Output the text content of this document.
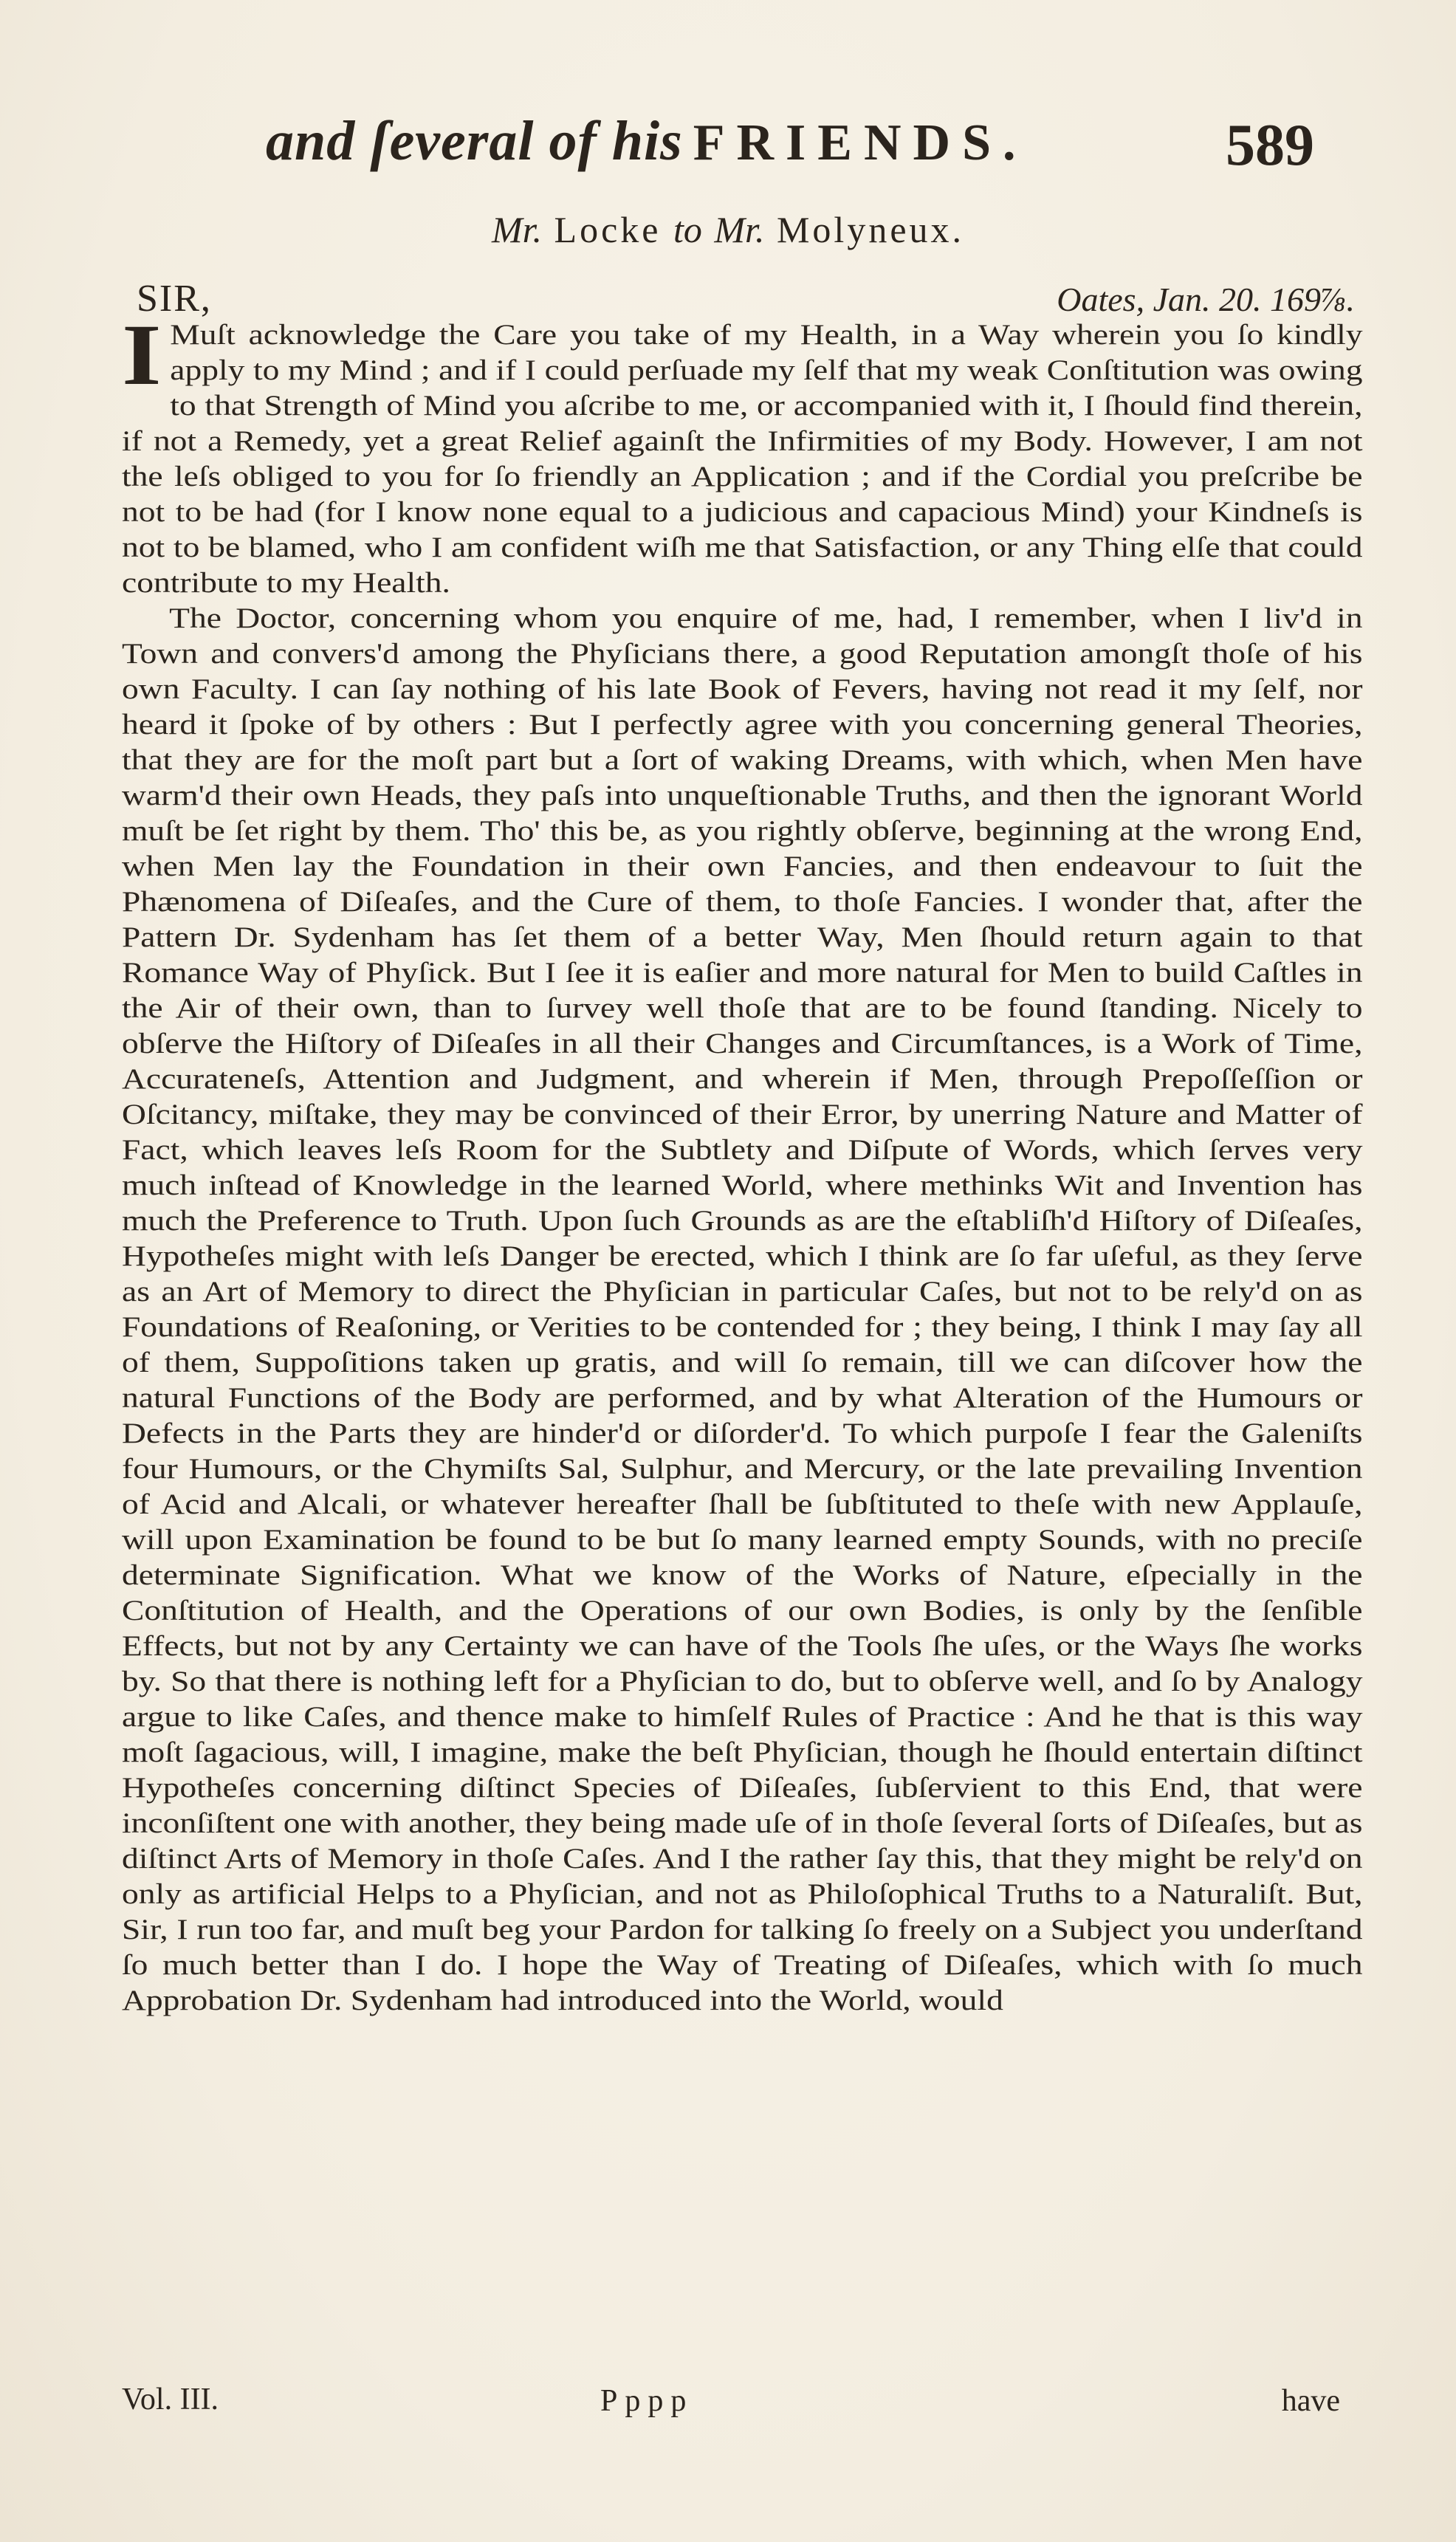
and ſeveral of his FRIENDS.	589
Mr. Locke to Mr. Molyneux.
SIR,	Oates, Jan. 20. 169⅞.

I Muſt acknowledge the Care you take of my Health, in a Way wherein you ſo kindly apply to my Mind ; and if I could perſuade my ſelf that my weak Conſtitution was owing to that Strength of Mind you aſcribe to me, or accompanied with it, I ſhould find therein, if not a Remedy, yet a great Relief againſt the Infirmities of my Body. However, I am not the leſs obliged to you for ſo friendly an Application ; and if the Cordial you preſcribe be not to be had (for I know none equal to a judicious and capacious Mind) your Kindneſs is not to be blamed, who I am confident wiſh me that Satisfaction, or any Thing elſe that could contribute to my Health.

The Doctor, concerning whom you enquire of me, had, I remember, when I liv'd in Town and convers'd among the Phyſicians there, a good Reputation amongſt thoſe of his own Faculty. I can ſay nothing of his late Book of Fevers, having not read it my ſelf, nor heard it ſpoke of by others : But I perfectly agree with you concerning general Theories, that they are for the moſt part but a ſort of waking Dreams, with which, when Men have warm'd their own Heads, they paſs into unqueſtionable Truths, and then the ignorant World muſt be ſet right by them. Tho' this be, as you rightly obſerve, beginning at the wrong End, when Men lay the Foundation in their own Fancies, and then endeavour to ſuit the Phænomena of Diſeaſes, and the Cure of them, to thoſe Fancies. I wonder that, after the Pattern Dr. Sydenham has ſet them of a better Way, Men ſhould return again to that Romance Way of Phyſick. But I ſee it is eaſier and more natural for Men to build Caſtles in the Air of their own, than to ſurvey well thoſe that are to be found ſtanding. Nicely to obſerve the Hiſtory of Diſeaſes in all their Changes and Circumſtances, is a Work of Time, Accurateneſs, Attention and Judgment, and wherein if Men, through Prepoſſeſſion or Oſcitancy, miſtake, they may be convinced of their Error, by unerring Nature and Matter of Fact, which leaves leſs Room for the Subtlety and Diſpute of Words, which ſerves very much inſtead of Knowledge in the learned World, where methinks Wit and Invention has much the Preference to Truth. Upon ſuch Grounds as are the eſtabliſh'd Hiſtory of Diſeaſes, Hypotheſes might with leſs Danger be erected, which I think are ſo far uſeful, as they ſerve as an Art of Memory to direct the Phyſician in particular Caſes, but not to be rely'd on as Foundations of Reaſoning, or Verities to be contended for ; they being, I think I may ſay all of them, Suppoſitions taken up gratis, and will ſo remain, till we can diſcover how the natural Functions of the Body are performed, and by what Alteration of the Humours or Defects in the Parts they are hinder'd or diſorder'd. To which purpoſe I fear the Galeniſts four Humours, or the Chymiſts Sal, Sulphur, and Mercury, or the late prevailing Invention of Acid and Alcali, or whatever hereafter ſhall be ſubſtituted to theſe with new Applauſe, will upon Examination be found to be but ſo many learned empty Sounds, with no preciſe determinate Signification. What we know of the Works of Nature, eſpecially in the Conſtitution of Health, and the Operations of our own Bodies, is only by the ſenſible Effects, but not by any Certainty we can have of the Tools ſhe uſes, or the Ways ſhe works by. So that there is nothing left for a Phyſician to do, but to obſerve well, and ſo by Analogy argue to like Caſes, and thence make to himſelf Rules of Practice : And he that is this way moſt ſagacious, will, I imagine, make the beſt Phyſician, though he ſhould entertain diſtinct Hypotheſes concerning diſtinct Species of Diſeaſes, ſubſervient to this End, that were inconſiſtent one with another, they being made uſe of in thoſe ſeveral ſorts of Diſeaſes, but as diſtinct Arts of Memory in thoſe Caſes. And I the rather ſay this, that they might be rely'd on only as artificial Helps to a Phyſician, and not as Philoſophical Truths to a Naturaliſt. But, Sir, I run too far, and muſt beg your Pardon for talking ſo freely on a Subject you underſtand ſo much better than I do. I hope the Way of Treating of Diſeaſes, which with ſo much Approbation Dr. Sydenham had introduced into the World, would

Vol. III.	Pppp	have
